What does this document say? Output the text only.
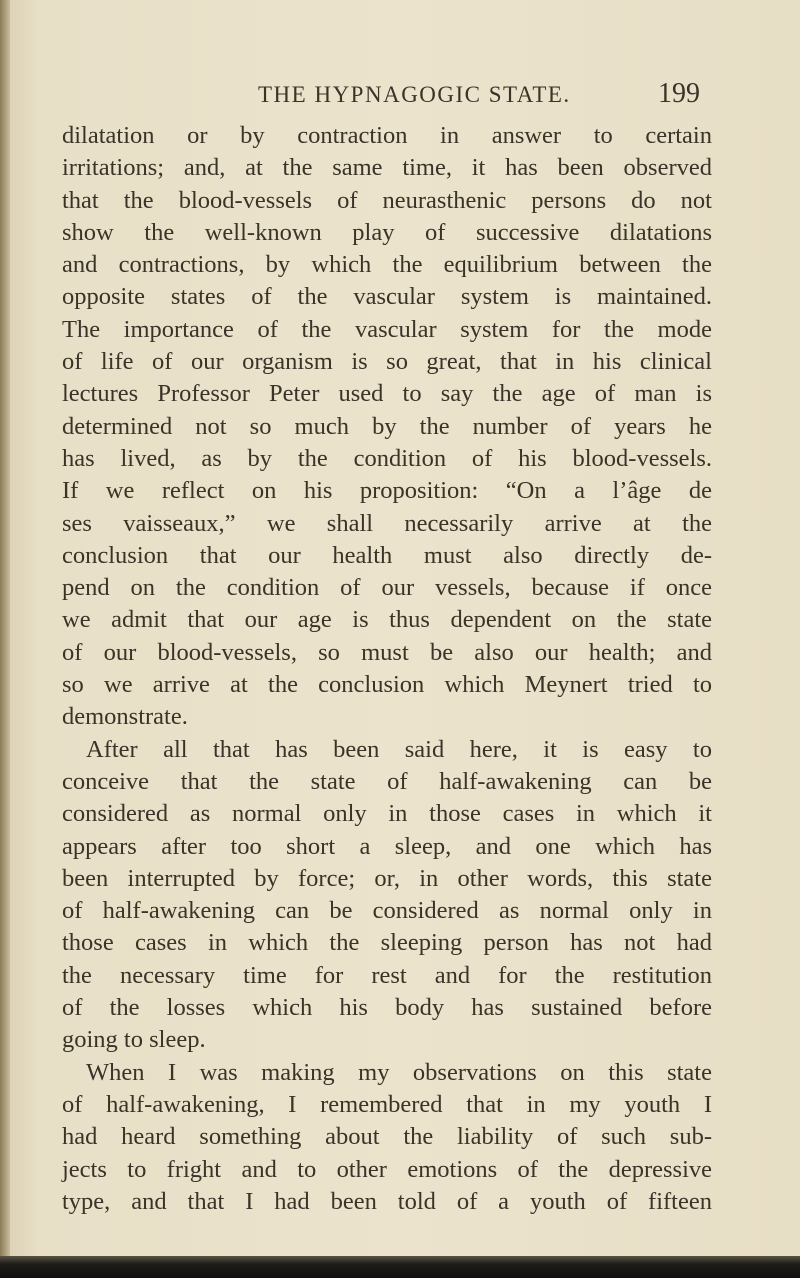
THE HYPNAGOGIC STATE.	199
dilatation or by contraction in answer to certain
irritations; and, at the same time, it has been observed
that the blood-vessels of neurasthenic persons do not
show the well-known play of successive dilatations
and contractions, by which the equilibrium between the
opposite states of the vascular system is maintained.
The importance of the vascular system for the mode
of life of our organism is so great, that in his clinical
lectures Professor Peter used to say the age of man is
determined not so much by the number of years he
has lived, as by the condition of his blood-vessels.
If we reflect on his proposition: “On a l’âge de
ses vaisseaux,” we shall necessarily arrive at the
conclusion that our health must also directly de-
pend on the condition of our vessels, because if once
we admit that our age is thus dependent on the state
of our blood-vessels, so must be also our health; and
so we arrive at the conclusion which Meynert tried to
demonstrate.
After all that has been said here, it is easy to
conceive that the state of half-awakening can be
considered as normal only in those cases in which it
appears after too short a sleep, and one which has
been interrupted by force; or, in other words, this state
of half-awakening can be considered as normal only in
those cases in which the sleeping person has not had
the necessary time for rest and for the restitution
of the losses which his body has sustained before
going to sleep.
When I was making my observations on this state
of half-awakening, I remembered that in my youth I
had heard something about the liability of such sub-
jects to fright and to other emotions of the depressive
type, and that I had been told of a youth of fifteen
